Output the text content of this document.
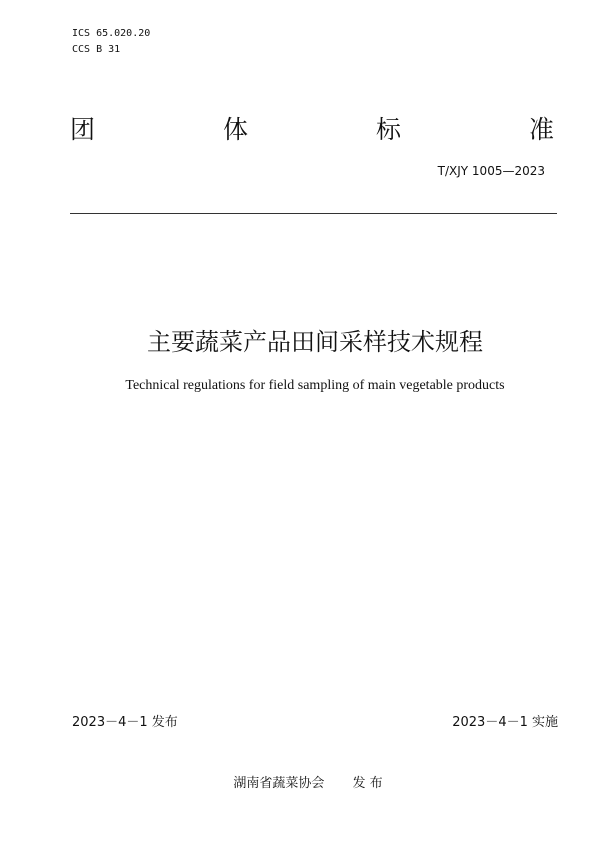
ICS 65.020.20
CCS B 31
团	体	标	准
T/XJY 1005—2023
主要蔬菜产品田间采样技术规程
Technical regulations for field sampling of main vegetable products
2023－4－1 发布	2023－4－1 实施
湖南省蔬菜协会 发 布
